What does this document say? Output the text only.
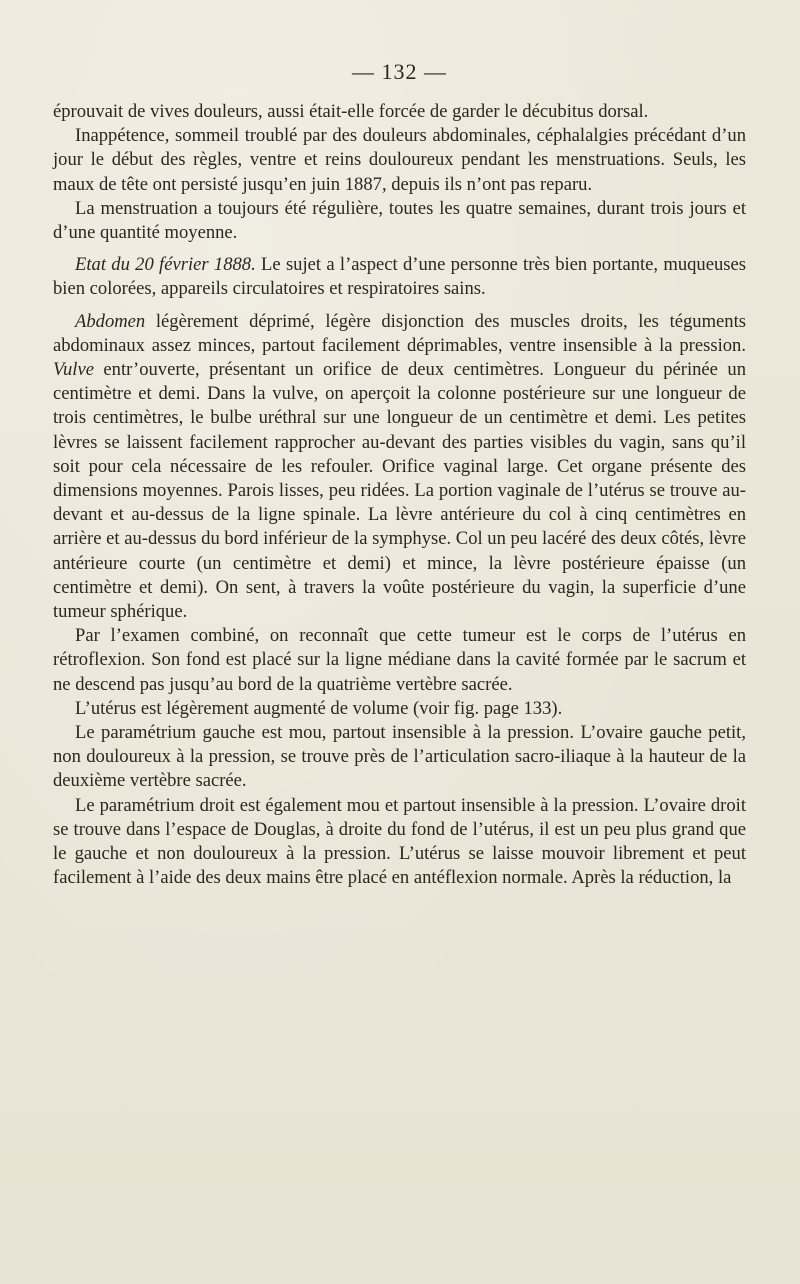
— 132 —

éprouvait de vives douleurs, aussi était-elle forcée de garder le décubitus dorsal.

Inappétence, sommeil troublé par des douleurs abdominales, céphalalgies précédant d’un jour le début des règles, ventre et reins douloureux pendant les menstruations. Seuls, les maux de tête ont persisté jusqu’en juin 1887, depuis ils n’ont pas reparu.

La menstruation a toujours été régulière, toutes les quatre semaines, durant trois jours et d’une quantité moyenne.

Etat du 20 février 1888. Le sujet a l’aspect d’une personne très bien portante, muqueuses bien colorées, appareils circulatoires et respiratoires sains.

Abdomen légèrement déprimé, légère disjonction des muscles droits, les téguments abdominaux assez minces, partout facilement déprimables, ventre insensible à la pression. Vulve entr’ouverte, présentant un orifice de deux centimètres. Longueur du périnée un centimètre et demi. Dans la vulve, on aperçoit la colonne postérieure sur une longueur de trois centimètres, le bulbe uréthral sur une longueur de un centimètre et demi. Les petites lèvres se laissent facilement rapprocher au-devant des parties visibles du vagin, sans qu’il soit pour cela nécessaire de les refouler. Orifice vaginal large. Cet organe présente des dimensions moyennes. Parois lisses, peu ridées. La portion vaginale de l’utérus se trouve au-devant et au-dessus de la ligne spinale. La lèvre antérieure du col à cinq centimètres en arrière et au-dessus du bord inférieur de la symphyse. Col un peu lacéré des deux côtés, lèvre antérieure courte (un centimètre et demi) et mince, la lèvre postérieure épaisse (un centimètre et demi). On sent, à travers la voûte postérieure du vagin, la superficie d’une tumeur sphérique.

Par l’examen combiné, on reconnaît que cette tumeur est le corps de l’utérus en rétroflexion. Son fond est placé sur la ligne médiane dans la cavité formée par le sacrum et ne descend pas jusqu’au bord de la quatrième vertèbre sacrée.

L’utérus est légèrement augmenté de volume (voir fig. page 133).

Le paramétrium gauche est mou, partout insensible à la pression. L’ovaire gauche petit, non douloureux à la pression, se trouve près de l’articulation sacro-iliaque à la hauteur de la deuxième vertèbre sacrée.

Le paramétrium droit est également mou et partout insensible à la pression. L’ovaire droit se trouve dans l’espace de Douglas, à droite du fond de l’utérus, il est un peu plus grand que le gauche et non douloureux à la pression. L’utérus se laisse mouvoir librement et peut facilement à l’aide des deux mains être placé en antéflexion normale. Après la réduction, la
